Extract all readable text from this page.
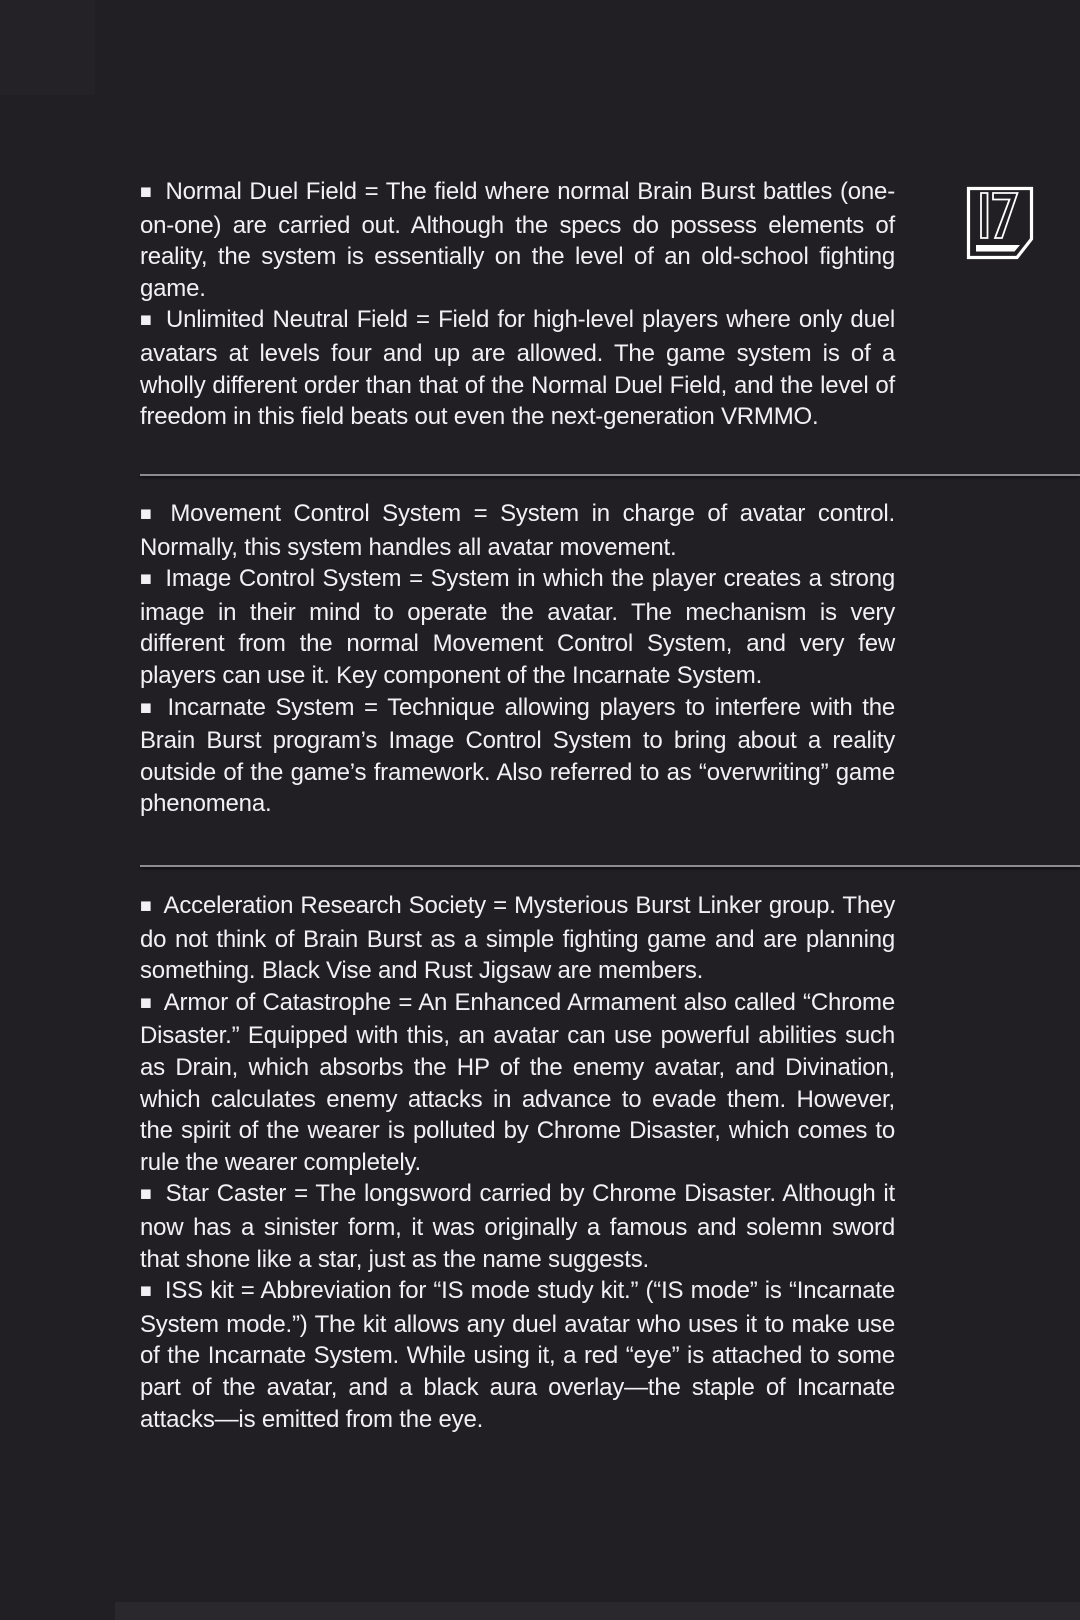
■ Normal Duel Field = The field where normal Brain Burst battles (one-on-one) are carried out. Although the specs do possess elements of reality, the system is essentially on the level of an old-school fighting game.

■ Unlimited Neutral Field = Field for high-level players where only duel avatars at levels four and up are allowed. The game system is of a wholly different order than that of the Normal Duel Field, and the level of freedom in this field beats out even the next-generation VRMMO.

■ Movement Control System = System in charge of avatar control. Normally, this system handles all avatar movement.

■ Image Control System = System in which the player creates a strong image in their mind to operate the avatar. The mechanism is very different from the normal Movement Control System, and very few players can use it. Key component of the Incarnate System.

■ Incarnate System = Technique allowing players to interfere with the Brain Burst program’s Image Control System to bring about a reality outside of the game’s framework. Also referred to as “overwriting” game phenomena.

■ Acceleration Research Society = Mysterious Burst Linker group. They do not think of Brain Burst as a simple fighting game and are planning something. Black Vise and Rust Jigsaw are members.

■ Armor of Catastrophe = An Enhanced Armament also called “Chrome Disaster.” Equipped with this, an avatar can use powerful abilities such as Drain, which absorbs the HP of the enemy avatar, and Divination, which calculates enemy attacks in advance to evade them. However, the spirit of the wearer is polluted by Chrome Disaster, which comes to rule the wearer completely.

■ Star Caster = The longsword carried by Chrome Disaster. Although it now has a sinister form, it was originally a famous and solemn sword that shone like a star, just as the name suggests.

■ ISS kit = Abbreviation for “IS mode study kit.” (“IS mode” is “Incarnate System mode.”) The kit allows any duel avatar who uses it to make use of the Incarnate System. While using it, a red “eye” is attached to some part of the avatar, and a black aura overlay—the staple of Incarnate attacks—is emitted from the eye.
